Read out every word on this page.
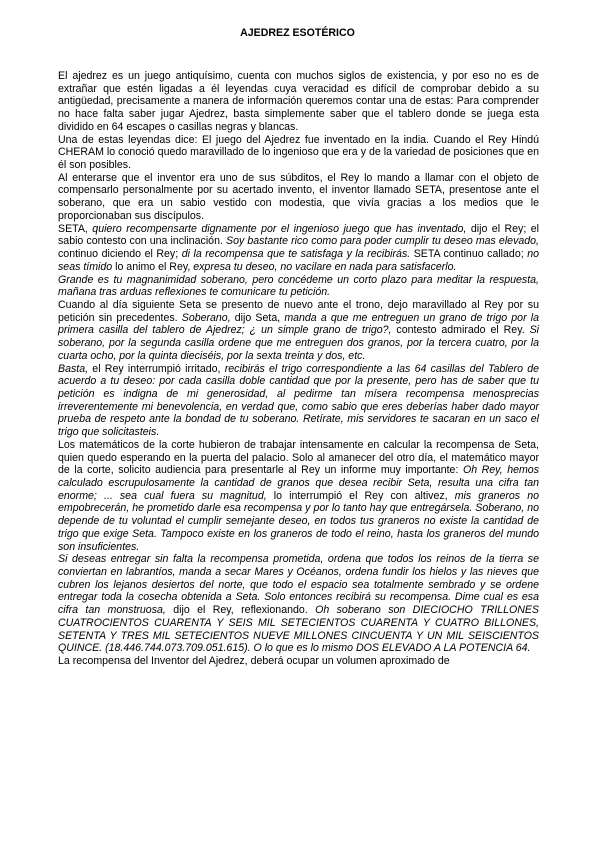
AJEDREZ ESOTÉRICO

El ajedrez es un juego antiquísimo, cuenta con muchos siglos de existencia, y por eso no es de extrañar que estén ligadas a él leyendas cuya veracidad es difícil de comprobar debido a su antigüedad, precisamente a manera de información queremos contar una de estas: Para comprender no hace falta saber jugar Ajedrez, basta simplemente saber que el tablero donde se juega esta dividido en 64 escapes o casillas negras y blancas.

Una de estas leyendas dice: El juego del Ajedrez fue inventado en la india. Cuando el Rey Hindú CHERAM lo conoció quedo maravillado de lo ingenioso que era y de la variedad de posiciones que en él son posibles.

Al enterarse que el inventor era uno de sus súbditos, el Rey lo mando a llamar con el objeto de compensarlo personalmente por su acertado invento, el inventor llamado SETA, presentose ante el soberano, que era un sabio vestido con modestia, que vivía gracias a los medios que le proporcionaban sus discípulos.

SETA, quiero recompensarte dignamente por el ingenioso juego que has inventado, dijo el Rey; el sabio contesto con una inclinación. Soy bastante rico como para poder cumplir tu deseo mas elevado, continuo diciendo el Rey; di la recompensa que te satisfaga y la recibirás. SETA continuo callado; no seas tímido lo animo el Rey, expresa tu deseo, no vacilare en nada para satisfacerlo.

Grande es tu magnanimidad soberano, pero concédeme un corto plazo para meditar la respuesta, mañana tras arduas reflexiones te comunicare tu petición.

Cuando al día siguiente Seta se presento de nuevo ante el trono, dejo maravillado al Rey por su petición sin precedentes. Soberano, dijo Seta, manda a que me entreguen un grano de trigo por la primera casilla del tablero de Ajedrez; ¿ un simple grano de trigo?, contesto admirado el Rey. Si soberano, por la segunda casilla ordene que me entreguen dos granos, por la tercera cuatro, por la cuarta ocho, por la quinta dieciséis, por la sexta treinta y dos, etc.

Basta, el Rey interrumpió irritado, recibirás el trigo correspondiente a las 64 casillas del Tablero de acuerdo a tu deseo: por cada casilla doble cantidad que por la presente, pero has de saber que tu petición es indigna de mi generosidad, al pedirme tan mísera recompensa menosprecias irreverentemente mi benevolencia, en verdad que, como sabio que eres deberías haber dado mayor prueba de respeto ante la bondad de tu soberano. Retírate, mis servidores te sacaran en un saco el trigo que solicitasteis.

Los matemáticos de la corte hubieron de trabajar intensamente en calcular la recompensa de Seta, quien quedo esperando en la puerta del palacio. Solo al amanecer del otro día, el matemático mayor de la corte, solicito audiencia para presentarle al Rey un informe muy importante: Oh Rey, hemos calculado escrupulosamente la cantidad de granos que desea recibir Seta, resulta una cifra tan enorme; ... sea cual fuera su magnitud, lo interrumpió el Rey con altivez, mis graneros no empobrecerán, he prometido darle esa recompensa y por lo tanto hay que entregársela. Soberano, no depende de tu voluntad el cumplir semejante deseo, en todos tus graneros no existe la cantidad de trigo que exige Seta. Tampoco existe en los graneros de todo el reino, hasta los graneros del mundo son insuficientes.

Si deseas entregar sin falta la recompensa prometida, ordena que todos los reinos de la tierra se conviertan en labrantíos, manda a secar Mares y Océanos, ordena fundir los hielos y las nieves que cubren los lejanos desiertos del norte, que todo el espacio sea totalmente sembrado y se ordene entregar toda la cosecha obtenida a Seta. Solo entonces recibirá su recompensa. Dime cual es esa cifra tan monstruosa, dijo el Rey, reflexionando. Oh soberano son DIECIOCHO TRILLONES CUATROCIENTOS CUARENTA Y SEIS MIL SETECIENTOS CUARENTA Y CUATRO BILLONES, SETENTA Y TRES MIL SETECIENTOS NUEVE MILLONES CINCUENTA Y UN MIL SEISCIENTOS QUINCE. (18.446.744.073.709.051.615). O lo que es lo mismo DOS ELEVADO A LA POTENCIA 64.

La recompensa del Inventor del Ajedrez, deberá ocupar un volumen aproximado de
